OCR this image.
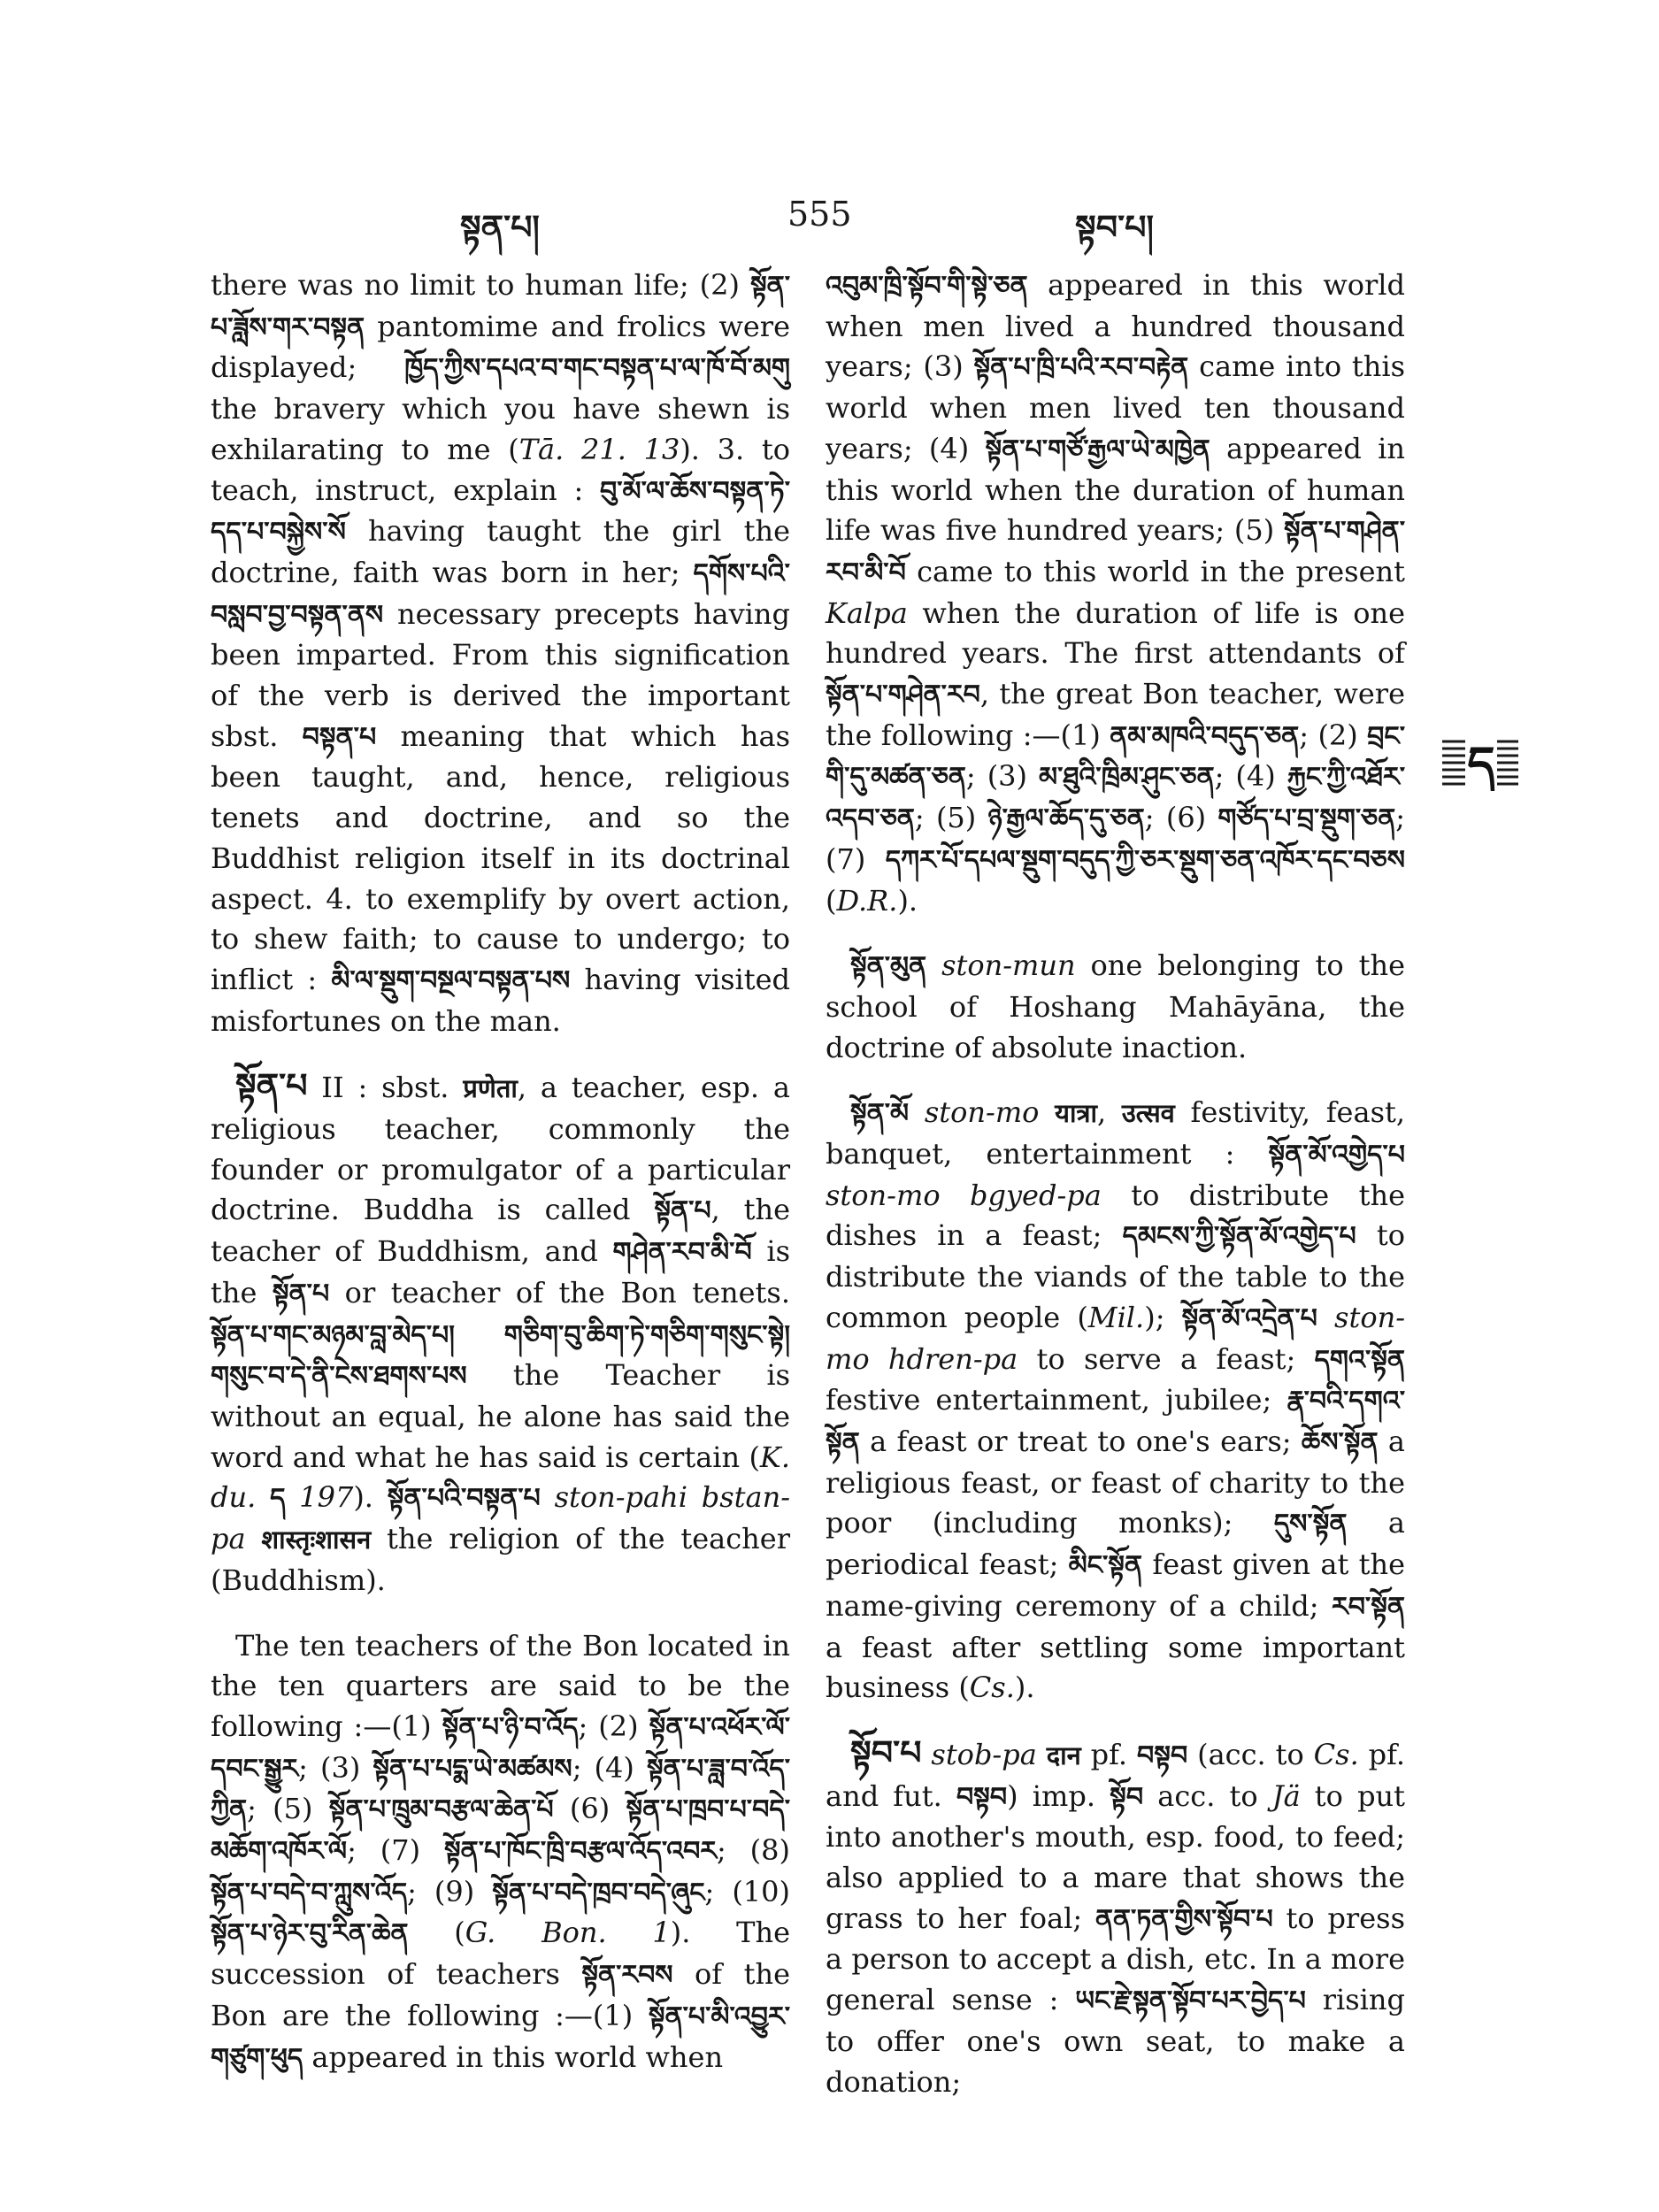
སྟན་པ།	555	སྟབ་པ།

there was no limit to human life; (2) སྟོན་པ་ཟློས་གར་བསྟན pantomime and frolics were displayed; ཁྱོད་ཀྱིས་དཔའ་བ་གང་བསྟན་པ་ལ་ཁོ་བོ་མགུ the bravery which you have shewn is exhilarating to me (Tā. 21. 13). 3. to teach, instruct, explain : བུ་མོ་ལ་ཆོས་བསྟན་ཏེ་དད་པ་བསྐྱེས་སོ having taught the girl the doctrine, faith was born in her; དགོས་པའི་བསླབ་བྱ་བསྟན་ནས necessary precepts having been imparted. From this signification of the verb is derived the important sbst. བསྟན་པ meaning that which has been taught, and, hence, religious tenets and doctrine, and so the Buddhist religion itself in its doctrinal aspect. 4. to exemplify by overt action, to shew faith; to cause to undergo; to inflict : མི་ལ་སྡུག་བསྔལ་བསྟན་པས having visited misfortunes on the man.

སྟོན་པ II : sbst. प्रणेता, a teacher, esp. a religious teacher, commonly the founder or promulgator of a particular doctrine. Buddha is called སྟོན་པ, the teacher of Buddhism, and གཤེན་རབ་མི་བོ is the སྟོན་པ or teacher of the Bon tenets. སྟོན་པ་གང་མཉམ་བླ་མེད་པ། གཅིག་བུ་ཆིག་ཏེ་གཅིག་གསུང་སྟེ། གསུང་བ་དེ་ནི་ངེས་ཐགས་པས the Teacher is without an equal, he alone has said the word and what he has said is certain (K. du. ད 197). སྟོན་པའི་བསྟན་པ ston-pahi bstan-pa शास्तृःशासन the religion of the teacher (Buddhism).

The ten teachers of the Bon located in the ten quarters are said to be the following :—(1) སྟོན་པ་ཉི་བ་འོད; (2) སྟོན་པ་འཕོར་ལོ་དབང་སྒྱུར; (3) སྟོན་པ་པདྨ་ཡེ་མཚམས; (4) སྟོན་པ་ཟླ་བ་འོད་ཀྱིན; (5) སྟོན་པ་ཁྲུམ་བརྩལ་ཆེན་པོ (6) སྟོན་པ་ཁྲབ་པ་བདེ་མཆོག་འཁོར་ལོ; (7) སྟོན་པ་ཁོང་ཁྲི་བརྩལ་འོད་འབར; (8) སྟོན་པ་བདེ་བ་ཀླུས་འོད; (9) སྟོན་པ་བདེ་ཁྲབ་བདེ་ཞུང; (10) སྟོན་པ་ཉེར་བུ་རིན་ཆེན (G. Bon. 1). The succession of teachers སྟོན་རབས of the Bon are the following :—(1) སྟོན་པ་མི་འབྱུར་གཙུག་ཕུད appeared in this world when

འབུམ་ཁྲི་སྟོབ་གི་སྟེ་ཅན appeared in this world when men lived a hundred thousand years; (3) སྟོན་པ་ཁྲི་པའི་རབ་བརྟེན came into this world when men lived ten thousand years; (4) སྟོན་པ་གཙོ་རྒྱལ་ཡེ་མཁྱེན appeared in this world when the duration of human life was five hundred years; (5) སྟོན་པ་གཤེན་རབ་མི་བོ came to this world in the present Kalpa when the duration of life is one hundred years. The first attendants of སྟོན་པ་གཤེན་རབ, the great Bon teacher, were the following :—(1) ནམ་མཁའི་བདུད་ཅན; (2) བྲང་གི་དུ་མཚན་ཅན; (3) མ་ཐུའི་ཁྲིམ་ཤུང་ཅན; (4) རྐྱང་ཀྱི་འཐོར་འདབ་ཅན; (5) ཉེ་རྒྱལ་ཆོད་དུ་ཅན; (6) གཙོད་པ་བྲ་སྡུག་ཅན; (7) དཀར་པོ་དཔལ་སྡུག་བདུད་ཀྱི་ཅར་སྡུག་ཅན་འཁོར་དང་བཅས (D.R.).

སྟོན་མུན ston-mun one belonging to the school of Hoshang Mahāyāna, the doctrine of absolute inaction.

སྟོན་མོ ston-mo यात्रा, उत्सव festivity, feast, banquet, entertainment : སྟོན་མོ་འགྱེད་པ ston-mo bgyed-pa to distribute the dishes in a feast; དམངས་ཀྱི་སྟོན་མོ་འགྱེད་པ to distribute the viands of the table to the common people (Mil.); སྟོན་མོ་འདྲེན་པ ston-mo hdren-pa to serve a feast; དགའ་སྟོན festive entertainment, jubilee; རྣ་བའི་དགའ་སྟོན a feast or treat to one's ears; ཆོས་སྟོན a religious feast, or feast of charity to the poor (including monks); དུས་སྟོན a periodical feast; མིང་སྟོན feast given at the name-giving ceremony of a child; རབ་སྟོན a feast after settling some important business (Cs.).

སྟོབ་པ stob-pa दान pf. བསྟབ (acc. to Cs. pf. and fut. བསྟབ) imp. སྟོབ acc. to Jä to put into another's mouth, esp. food, to feed; also applied to a mare that shows the grass to her foal; ནན་ཏན་གྱིས་སྟོབ་པ to press a person to accept a dish, etc. In a more general sense : ཡང་རྗེ་སྟན་སྟོབ་པར་བྱེད་པ rising to offer one's own seat, to make a donation;

ད
